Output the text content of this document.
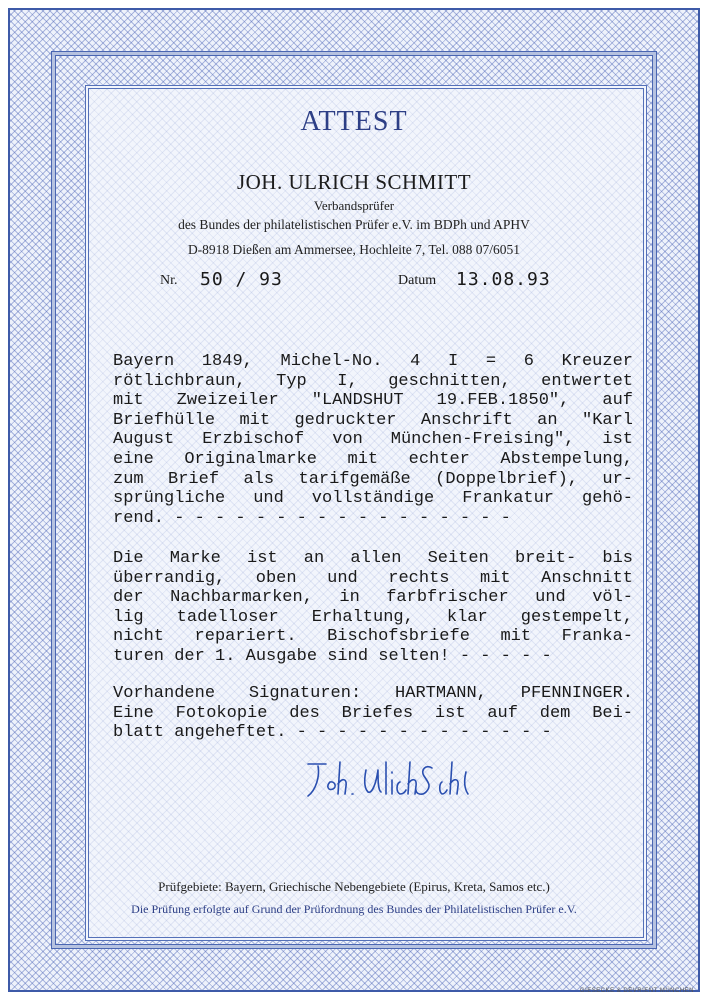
ATTEST
JOH. ULRICH SCHMITT
Verbandsprüfer
des Bundes der philatelistischen Prüfer e.V. im BDPh und APHV
D-8918 Dießen am Ammersee, Hochleite 7, Tel. 088 07/6051
Nr. 50 / 93	Datum 13.08.93
Bayern 1849, Michel-No. 4 I = 6 Kreuzer
rötlichbraun, Typ I, geschnitten, entwertet
mit Zweizeiler "LANDSHUT 19.FEB.1850", auf
Briefhülle mit gedruckter Anschrift an "Karl
August Erzbischof von München-Freising", ist
eine Originalmarke mit echter Abstempelung,
zum Brief als tarifgemäße (Doppelbrief), ur-
sprüngliche und vollständige Frankatur gehö-
rend. - - - - - - - - - - - - - - - - -
Die Marke ist an allen Seiten breit- bis
überrandig, oben und rechts mit Anschnitt
der Nachbarmarken, in farbfrischer und völ-
lig tadelloser Erhaltung, klar gestempelt,
nicht repariert. Bischofsbriefe mit Franka-
turen der 1. Ausgabe sind selten! - - - - -
Vorhandene Signaturen: HARTMANN, PFENNINGER.
Eine Fotokopie des Briefes ist auf dem Bei-
blatt angeheftet. - - - - - - - - - - - - -
Prüfgebiete: Bayern, Griechische Nebengebiete (Epirus, Kreta, Samos etc.)
Die Prüfung erfolgte auf Grund der Prüfordnung des Bundes der Philatelistischen Prüfer e.V.
GIESECKE & DEVRIENT MÜNCHEN
